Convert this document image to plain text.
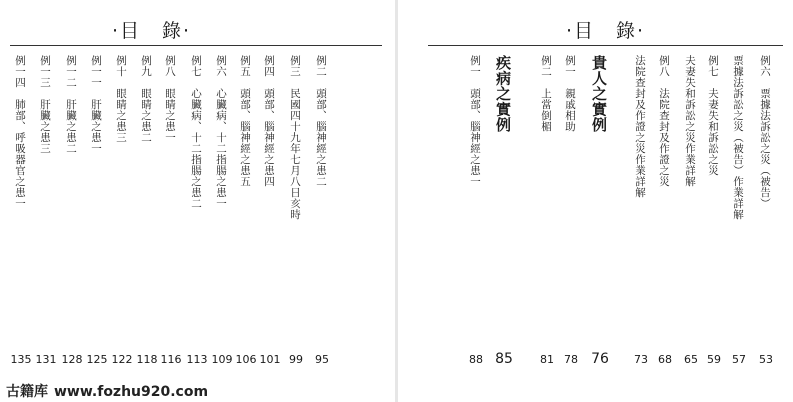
·目　錄·
例二　頭部、腦神經之患二
95
例三　民國四十九年七月八日亥時
99
例四　頭部、腦神經之患四
101
例五　頭部、腦神經之患五
106
例六　心臟病、十二指腸之患一
109
例七　心臟病、十二指腸之患二
113
例八　眼睛之患一
116
例九　眼睛之患二
118
例十　眼睛之患三
122
例一一　肝臟之患一
125
例一二　肝臟之患二
128
例一三　肝臟之患三
131
例一四　肺部、呼吸器官之患一
135
·目　錄·
例六　票據法訴訟之災（被告）
53
票據法訴訟之災（被告）作業詳解
57
例七　夫妻失和訴訟之災
59
夫妻失和訴訟之災作業詳解
65
例八　法院查封及作證之災
68
法院查封及作證之災作業詳解
73
貴人之實例
76
例一　親戚相助
78
例二　上當倒楣
81
疾病之實例
85
例一　頭部、腦神經之患一
88
古籍库 www.fozhu920.com
